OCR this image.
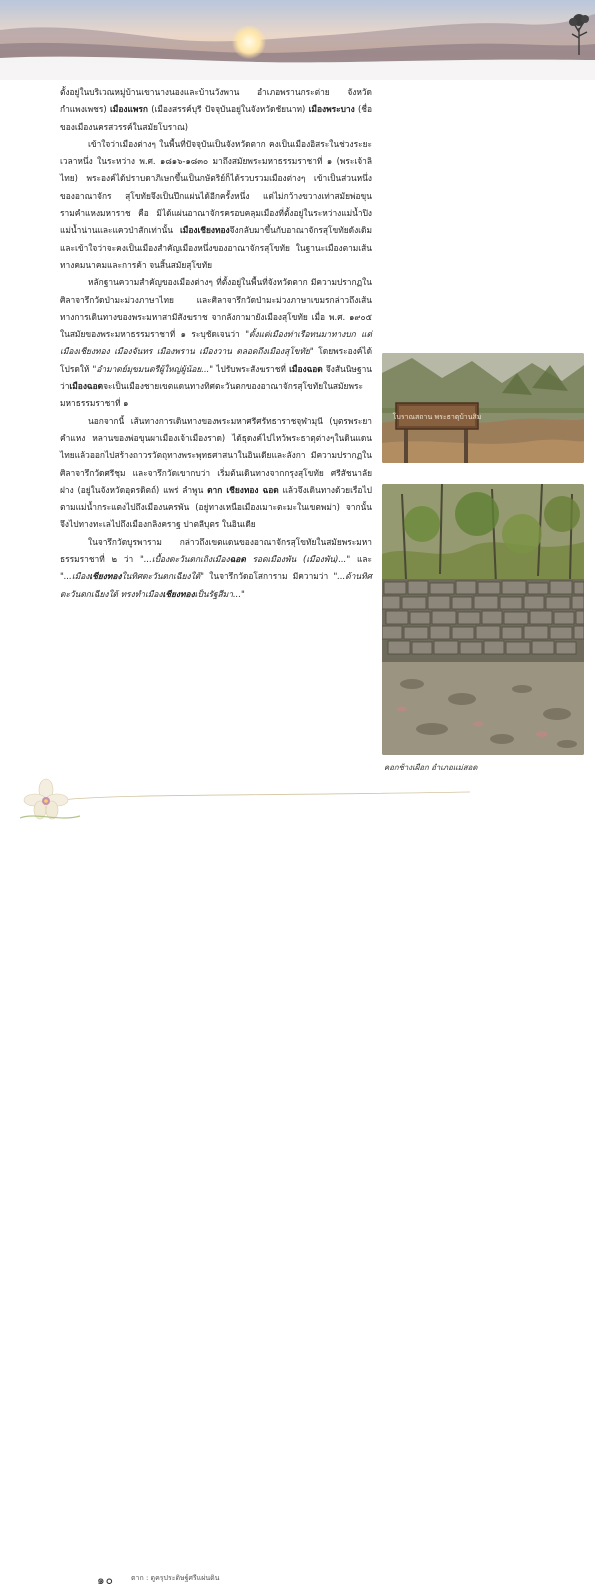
ตั้งอยู่ในบริเวณหมู่บ้านเขานางนองและบ้านวังพาน อำเภอพรานกระต่าย จังหวัดกำแพงเพชร) เมืองแพรก (เมืองสรรค์บุรี ปัจจุบันอยู่ในจังหวัดชัยนาท) เมืองพระบาง (ชื่อของเมืองนครสวรรค์ในสมัยโบราณ)

เข้าใจว่าเมืองต่างๆ ในพื้นที่ปัจจุบันเป็นจังหวัดตาก คงเป็นเมืองอิสระในช่วงระยะเวลาหนึ่ง ในระหว่าง พ.ศ. ๑๘๑๖-๑๘๓๐ มาถึงสมัยพระมหาธรรมราชาที่ ๑ (พระเจ้าลิไทย) พระองค์ได้ปราบดาภิเษกขึ้นเป็นกษัตริย์ก็ได้รวบรวมเมืองต่างๆ เข้าเป็นส่วนหนึ่งของอาณาจักร สุโขทัยจึงเป็นปึกแผ่นได้อีกครั้งหนึ่ง แต่ไม่กว้างขวางเท่าสมัยพ่อขุนรามคำแหงมหาราช คือ มิได้แผ่นอาณาจักรครอบคลุมเมืองที่ตั้งอยู่ในระหว่างแม่น้ำปิง แม่น้ำน่านและแควป่าสักเท่านั้น เมืองเชียงทองจึงกลับมาขึ้นกับอาณาจักรสุโขทัยดังเดิม และเข้าใจว่าจะคงเป็นเมืองสำคัญเมืองหนึ่งของอาณาจักรสุโขทัย ในฐานะเมืองตามเส้นทางคมนาคมและการค้า จนสิ้นสมัยสุโขทัย

หลักฐานความสำคัญของเมืองต่างๆ ที่ตั้งอยู่ในพื้นที่จังหวัดตาก มีความปรากฏในศิลาจารึกวัดป่ามะม่วงภาษาไทย และศิลาจารึกวัดป่ามะม่วงภาษาเขมรกล่าวถึงเส้นทางการเดินทางของพระมหาสามีสังฆราช จากลังกามายังเมืองสุโขทัย เมื่อ พ.ศ. ๑๙๐๕ ในสมัยของพระมหาธรรมราชาที่ ๑ ระบุชัดเจนว่า "ตั้งแต่เมืองท่าเรือทนมาทางบก แต่เมืองเชียงทอง เมืองจันทร เมืองพราน เมืองวาน ตลอดถึงเมืองสุโขทัย" โดยพระองค์ได้โปรดให้ "อำมาตย์มุขมนตรีผู้ใหญ่ผู้น้อย..." ไปรับพระสังฆราชที่ เมืองฉอด จึงสันนิษฐานว่าเมืองฉอดจะเป็นเมืองชายเขตแดนทางทิศตะวันตกของอาณาจักรสุโขทัยในสมัยพระมหาธรรมราชาที่ ๑

นอกจากนี้ เส้นทางการเดินทางของพระมหาศรีศรัทธาราชจุฬามุนี (บุตรพระยาคำแหง หลานของพ่อขุนผาเมืองเจ้าเมืองราด) ได้ธุดงค์ไปไหว้พระธาตุต่างๆในดินแดนไทยแล้วออกไปสร้างถาวรวัตถุทางพระพุทธศาสนาในอินเดียและลังกา มีความปรากฏในศิลาจารึกวัดศรีชุม และจารึกวัดเขากบว่า เริ่มต้นเดินทางจากกรุงสุโขทัย ศรีสัชนาลัย ฝาง (อยู่ในจังหวัดอุตรดิตถ์) แพร่ ลำพูน ตาก เชียงทอง ฉอด แล้วจึงเดินทางด้วยเรือไปตามแม่น้ำกระแตงไปถึงเมืองนครพัน (อยู่ทางเหนือเมืองเมาะตะมะในเขตพม่า) จากนั้นจึงไปทางทะเลไปถึงเมืองกลิงคราฐ ปาตลีบุตร ในอินเดีย

ในจารึกวัดบูรพาราม กล่าวถึงเขตแดนของอาณาจักรสุโขทัยในสมัยพระมหาธรรมราชาที่ ๒ ว่า "...เบื้องตะวันตกเถิงเมืองฉอด รอดเมืองพัน (เมืองพัน)..." และ "...เมืองเชียงทองในทิศตะวันตกเฉียงใต้" ในจารึกวัดอโสการาม มีความว่า "...ด้านทิศตะวันตกเฉียงใต้ ทรงทำเมืองเชียงทองเป็นรัฐสีมา..."

โบราณสถาน พระธาตุบ้านสิม
คอกช้างเผือก อำเภอแม่สอด
๑๐ ตาก : ดูครุประดิษฐ์ศรีแผ่นดิน
